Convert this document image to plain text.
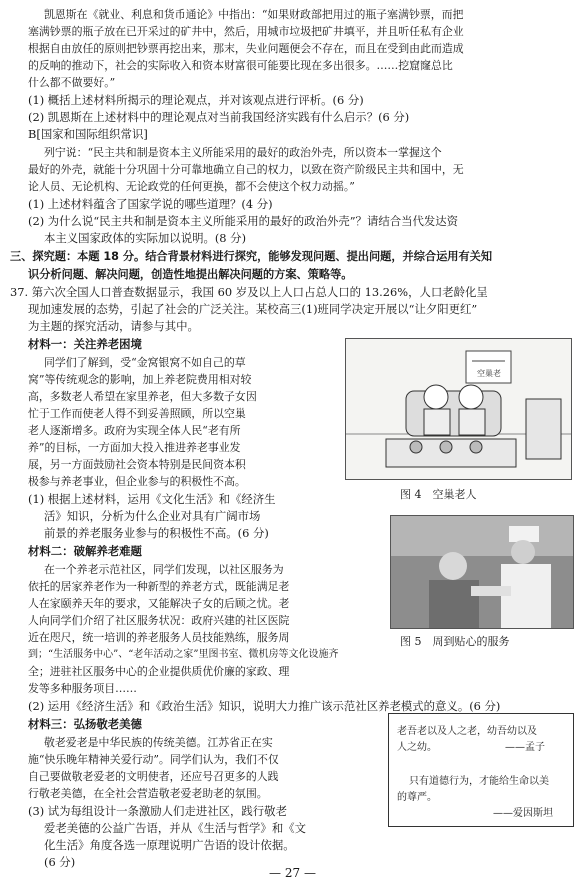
凯恩斯在《就业、利息和货币通论》中指出：“如果财政部把用过的瓶子塞满钞票，而把
塞满钞票的瓶子放在已开采过的矿井中，然后，用城市垃圾把矿井填平，并且听任私有企业
根据自由放任的原则把钞票再挖出来，那末，失业问题便会不存在，而且在受到由此而造成
的反响的推动下，社会的实际收入和资本财富很可能要比现在多出很多。……挖窟窿总比
什么都不做要好。”
(1) 概括上述材料所揭示的理论观点，并对该观点进行评析。(6 分)
(2) 凯恩斯在上述材料中的理论观点对当前我国经济实践有什么启示？(6 分)
B[国家和国际组织常识]
列宁说：“民主共和制是资本主义所能采用的最好的政治外壳，所以资本一掌握这个
最好的外壳，就能十分巩固十分可靠地确立自己的权力，以致在资产阶级民主共和国中，无
论人员、无论机构、无论政党的任何更换，都不会使这个权力动摇。”
(1) 上述材料蕴含了国家学说的哪些道理？(4 分)
(2) 为什么说“民主共和制是资本主义所能采用的最好的政治外壳”？请结合当代发达资
本主义国家政体的实际加以说明。(8 分)
三、探究题：本题 18 分。结合背景材料进行探究，能够发现问题、提出问题，并综合运用有关知
识分析问题、解决问题，创造性地提出解决问题的方案、策略等。
37. 第六次全国人口普查数据显示，我国 60 岁及以上人口占总人口的 13.26%，人口老龄化呈
现加速发展的态势，引起了社会的广泛关注。某校高三(1)班同学决定开展以“让夕阳更红”
为主题的探究活动，请参与其中。
材料一：关注养老困境
同学们了解到，受“金窝银窝不如自己的草
窝”等传统观念的影响，加上养老院费用相对较
高，多数老人希望在家里养老，但大多数子女因
忙于工作而使老人得不到妥善照顾，所以空巢
老人逐渐增多。政府为实现全体人民“老有所
养”的目标，一方面加大投入推进养老事业发
展，另一方面鼓励社会资本特别是民间资本积
极参与养老事业，但企业参与的积极性不高。
(1) 根据上述材料，运用《文化生活》和《经济生
活》知识，分析为什么企业对具有广阔市场
前景的养老服务业参与的积极性不高。(6 分)
空巢老
图 4　空巢老人
材料二：破解养老难题
在一个养老示范社区，同学们发现，以社区服务为
依托的居家养老作为一种新型的养老方式，既能满足老
人在家颐养天年的要求，又能解决子女的后顾之忧。老
人向同学们介绍了社区服务状况：政府兴建的社区医院
近在咫尺，统一培训的养老服务人员技能熟练，服务周
到；“生活服务中心”、“老年活动之家”里图书室、微机房等文化设施齐
全；进驻社区服务中心的企业提供质优价廉的家政、理
发等多种服务项目……
图 5　周到贴心的服务
(2) 运用《经济生活》和《政治生活》知识，说明大力推广该示范社区养老模式的意义。(6 分)
材料三：弘扬敬老美德
敬老爱老是中华民族的传统美德。江苏省正在实
施“快乐晚年精神关爱行动”。同学们认为，我们不仅
自己要做敬老爱老的文明使者，还应号召更多的人践
行敬老美德，在全社会营造敬老爱老助老的氛围。
(3) 试为每组设计一条激励人们走进社区，践行敬老
爱老美德的公益广告语，并从《生活与哲学》和《文
化生活》角度各选一原理说明广告语的设计依据。
(6 分)
老吾老以及人之老，幼吾幼以及
人之幼。	——孟子
只有道德行为，才能给生命以美
的尊严。
——爱因斯坦
— 27 —
